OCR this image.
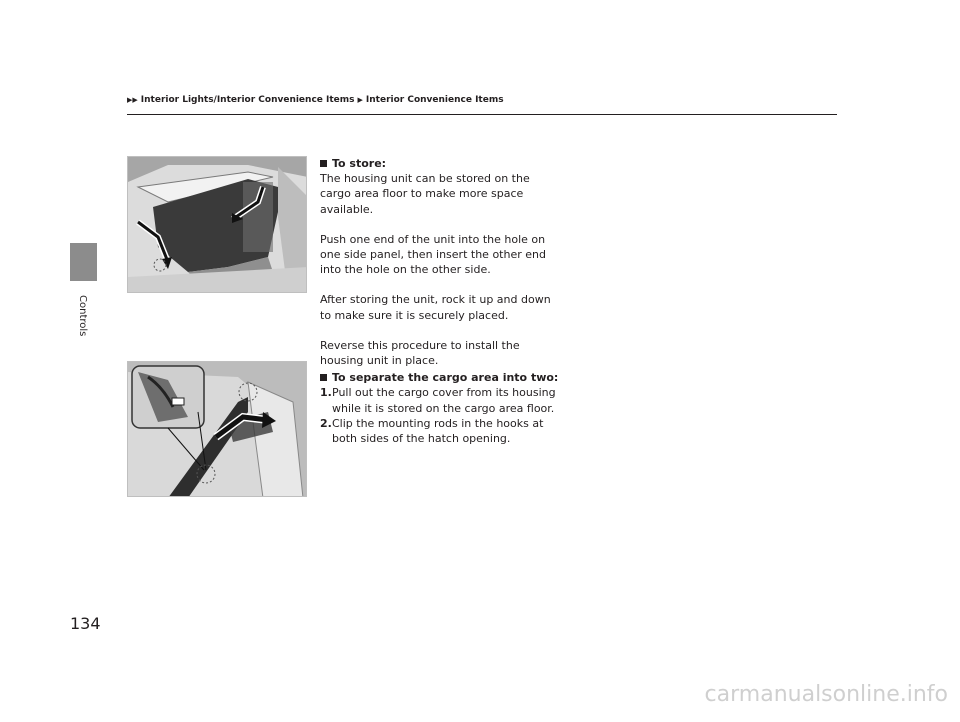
Controls
▶▶ Interior Lights/Interior Convenience Items ▶ Interior Convenience Items
To store:

The housing unit can be stored on the cargo area floor to make more space available.

Push one end of the unit into the hole on one side panel, then insert the other end into the hole on the other side.

After storing the unit, rock it up and down to make sure it is securely placed.

Reverse this procedure to install the housing unit in place.

To separate the cargo area into two:
1. Pull out the cargo cover from its housing while it is stored on the cargo area floor.
2. Clip the mounting rods in the hooks at both sides of the hatch opening.
134
carmanualsonline.info
